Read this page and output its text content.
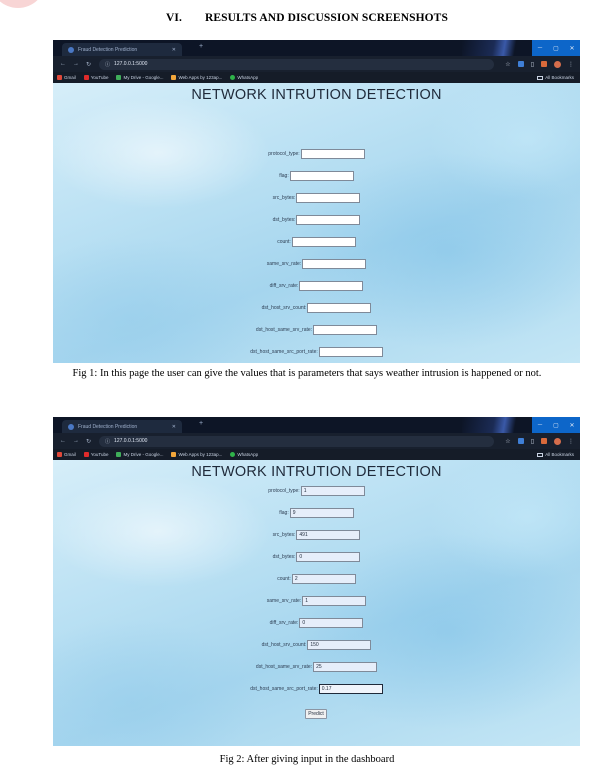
VI. RESULTS AND DISCUSSION SCREENSHOTS
Fraud Detection Prediction	✕	+	─	▢	✕
← → ↻	ⓘ 127.0.0.1:5000	☆	▯	⋮
Gmail	YouTube	My Drive - Google...	Web Apps by 123ap...	WhatsApp	All Bookmarks
NETWORK INTRUTION DETECTION
protocol_type:
flag:
src_bytes:
dst_bytes:
count:
same_srv_rate:
diff_srv_rate:
dst_host_srv_count:
dst_host_same_srv_rate:
dst_host_same_src_port_rate:
Fig 1: In this page the user can give the values that is parameters that says weather intrusion is happened or not.
Fraud Detection Prediction	✕	+	─	▢	✕
← → ↻	ⓘ 127.0.0.1:5000	☆	▯	⋮
Gmail	YouTube	My Drive - Google...	Web Apps by 123ap...	WhatsApp	All Bookmarks
NETWORK INTRUTION DETECTION
protocol_type: 1
flag: 9
src_bytes: 491
dst_bytes: 0
count: 2
same_srv_rate: 1
diff_srv_rate: 0
dst_host_srv_count: 150
dst_host_same_srv_rate: 25
dst_host_same_src_port_rate: 0.17
Predict
Fig 2: After giving input in the dashboard
